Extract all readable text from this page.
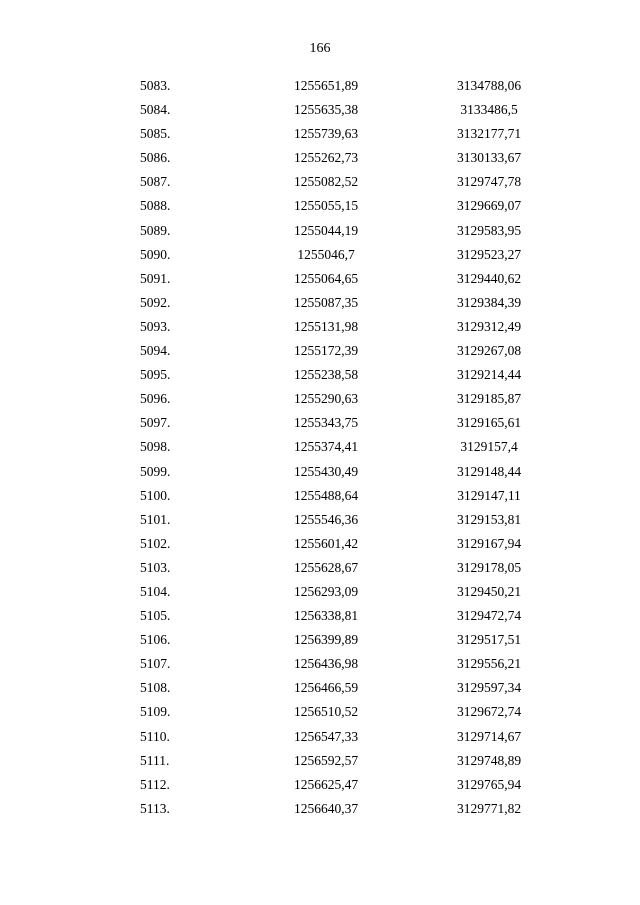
166
5083.	1255651,89	3134788,06
5084.	1255635,38	3133486,5
5085.	1255739,63	3132177,71
5086.	1255262,73	3130133,67
5087.	1255082,52	3129747,78
5088.	1255055,15	3129669,07
5089.	1255044,19	3129583,95
5090.	1255046,7	3129523,27
5091.	1255064,65	3129440,62
5092.	1255087,35	3129384,39
5093.	1255131,98	3129312,49
5094.	1255172,39	3129267,08
5095.	1255238,58	3129214,44
5096.	1255290,63	3129185,87
5097.	1255343,75	3129165,61
5098.	1255374,41	3129157,4
5099.	1255430,49	3129148,44
5100.	1255488,64	3129147,11
5101.	1255546,36	3129153,81
5102.	1255601,42	3129167,94
5103.	1255628,67	3129178,05
5104.	1256293,09	3129450,21
5105.	1256338,81	3129472,74
5106.	1256399,89	3129517,51
5107.	1256436,98	3129556,21
5108.	1256466,59	3129597,34
5109.	1256510,52	3129672,74
5110.	1256547,33	3129714,67
5111.	1256592,57	3129748,89
5112.	1256625,47	3129765,94
5113.	1256640,37	3129771,82
